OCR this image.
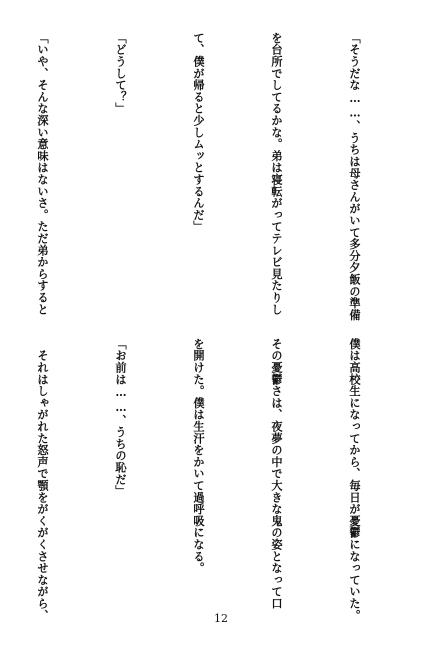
「そうだな……、うちは母さんがいて多分夕飯の準備

を台所でしてるかな。弟は寝転がってテレビ見たりし

て、僕が帰ると少しムッとするんだ」

「どうして？」

「いや、そんな深い意味はないさ。ただ弟からすると

僕は高校生になってから、毎日が憂鬱になっていた。

その憂鬱さは、夜夢の中で大きな鬼の姿となって口

を開けた。僕は生汗をかいて過呼吸になる。

「お前は……、うちの恥だ」

　それはしゃがれた怒声で顎をがくがくさせながら、

	12
